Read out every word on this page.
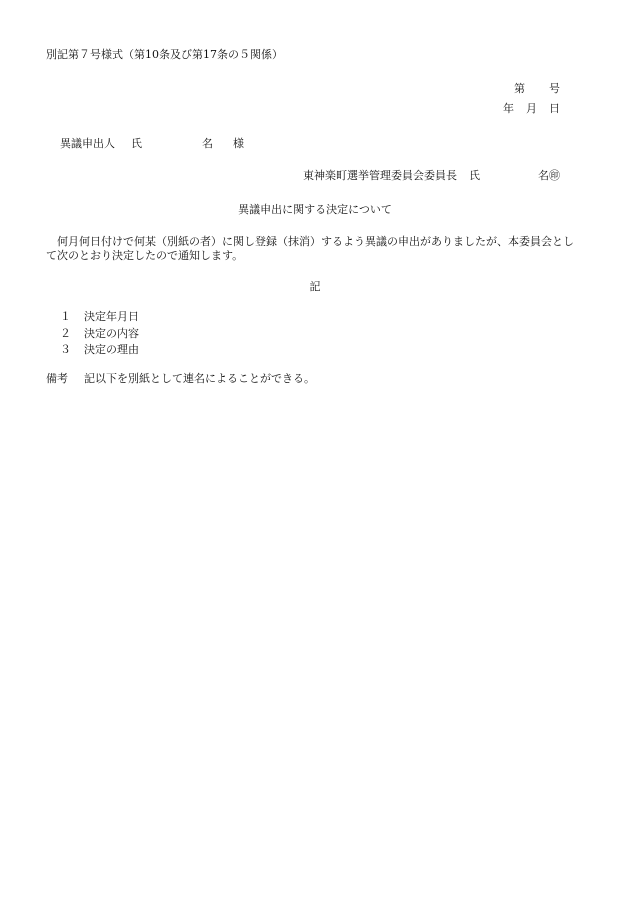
別記第７号様式（第10条及び第17条の５関係）
第 号
年 月 日
異議申出人 氏	名 様
東神楽町選挙管理委員会委員長 氏	名㊞
異議申出に関する決定について

何月何日付けで何某（別紙の者）に関し登録（抹消）するよう異議の申出がありましたが、本委員会として次のとおり決定したので通知します。

記
１ 決定年月日
２ 決定の内容
３ 決定の理由
備考 記以下を別紙として連名によることができる。
